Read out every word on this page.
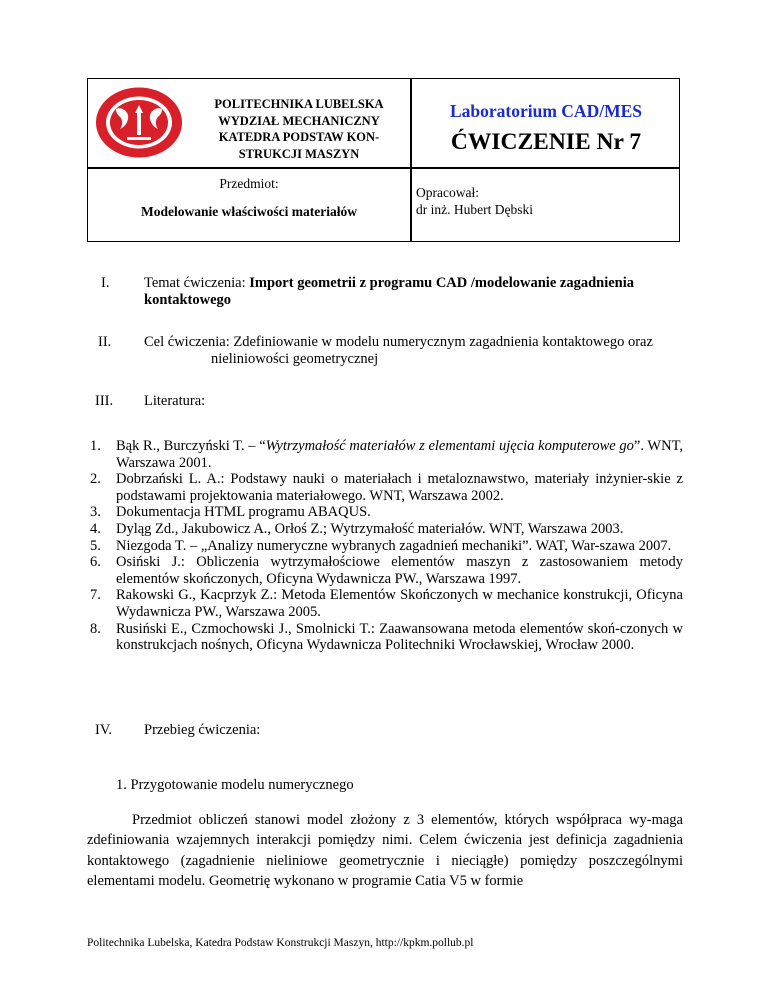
POLITECHNIKA LUBELSKA
WYDZIAŁ MECHANICZNY
KATEDRA PODSTAW KON-
STRUKCJI MASZYN
Laboratorium CAD/MES
ĆWICZENIE Nr 7
Przedmiot:
Modelowanie właściwości materiałów
Opracował:
dr inż. Hubert Dębski
I. Temat ćwiczenia: Import geometrii z programu CAD /modelowanie zagadnienia
kontaktowego
II. Cel ćwiczenia: Zdefiniowanie w modelu numerycznym zagadnienia kontaktowego oraz
nieliniowości geometrycznej
III. Literatura:
1. Bąk R., Burczyński T. – “Wytrzymałość materiałów z elementami ujęcia komputerowe go”. WNT, Warszawa 2001.
2. Dobrzański L. A.: Podstawy nauki o materiałach i metaloznawstwo, materiały inżynier-skie z podstawami projektowania materiałowego. WNT, Warszawa 2002.
3. Dokumentacja HTML programu ABAQUS.
4. Dyląg Zd., Jakubowicz A., Orłoś Z.; Wytrzymałość materiałów. WNT, Warszawa 2003.
5. Niezgoda T. – „Analizy numeryczne wybranych zagadnień mechaniki”. WAT, War-szawa 2007.
6. Osiński J.: Obliczenia wytrzymałościowe elementów maszyn z zastosowaniem metody elementów skończonych, Oficyna Wydawnicza PW., Warszawa 1997.
7. Rakowski G., Kacprzyk Z.: Metoda Elementów Skończonych w mechanice konstrukcji, Oficyna Wydawnicza PW., Warszawa 2005.
8. Rusiński E., Czmochowski J., Smolnicki T.: Zaawansowana metoda elementów skoń-czonych w konstrukcjach nośnych, Oficyna Wydawnicza Politechniki Wrocławskiej, Wrocław 2000.
IV. Przebieg ćwiczenia:
1. Przygotowanie modelu numerycznego
Przedmiot obliczeń stanowi model złożony z 3 elementów, których współpraca wy-maga zdefiniowania wzajemnych interakcji pomiędzy nimi. Celem ćwiczenia jest definicja zagadnienia kontaktowego (zagadnienie nieliniowe geometrycznie i nieciągłe) pomiędzy poszczególnymi elementami modelu. Geometrię wykonano w programie Catia V5 w formie
Politechnika Lubelska, Katedra Podstaw Konstrukcji Maszyn, http://kpkm.pollub.pl
